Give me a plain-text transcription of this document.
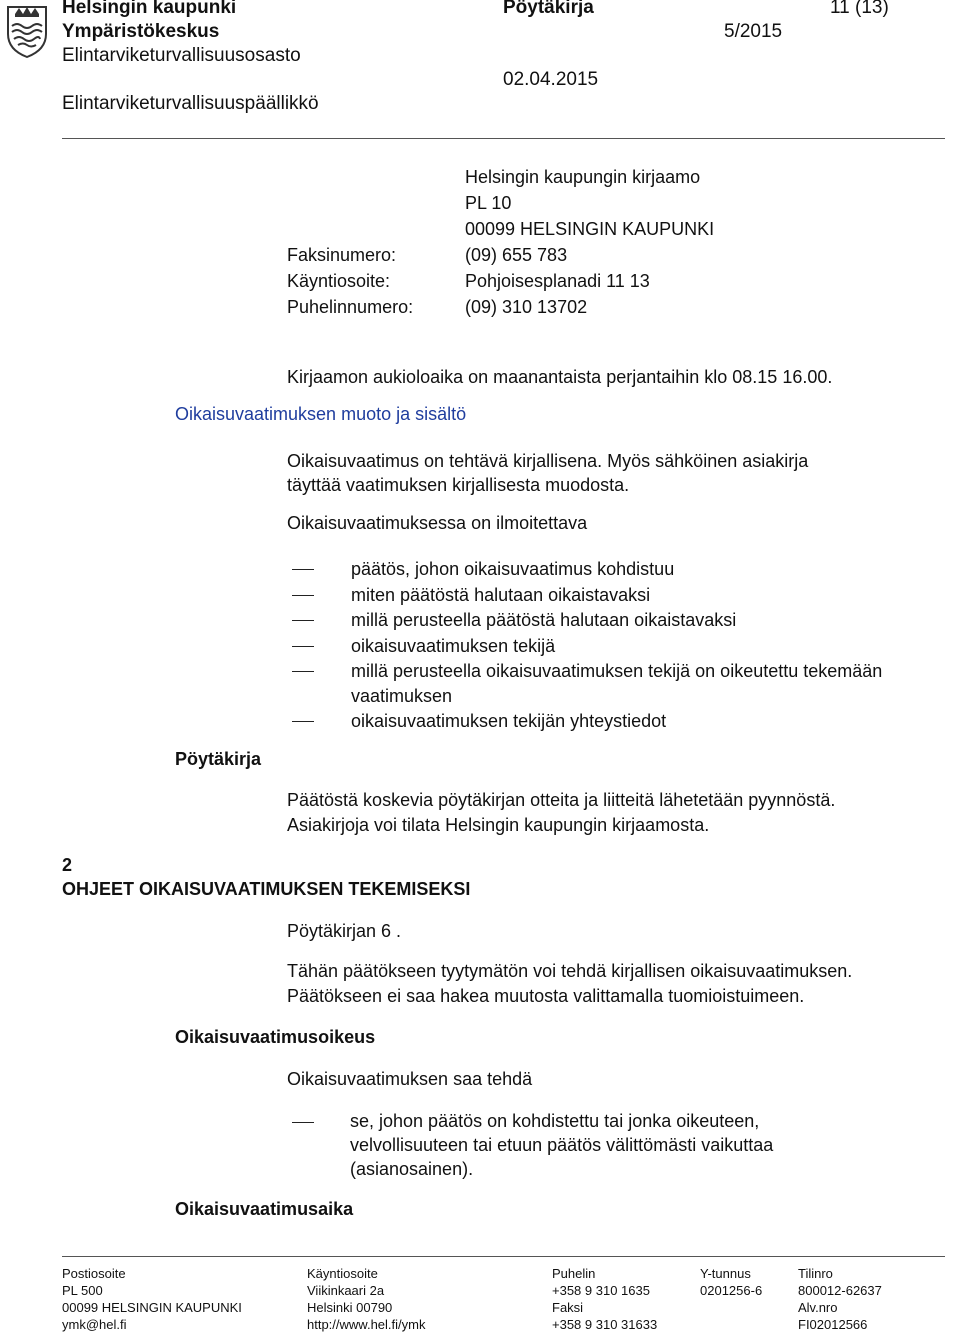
Helsingin kaupunki
Ympäristökeskus
Elintarviketurvallisuusosasto
Elintarviketurvallisuuspäällikkö
Pöytäkirja
5/2015
02.04.2015
11 (13)
Helsingin kaupungin kirjaamo
PL 10
00099 HELSINGIN KAUPUNKI
Faksinumero:	(09) 655 783
Käyntiosoite:	Pohjoisesplanadi 11 13
Puhelinnumero:	(09) 310 13702
Kirjaamon aukioloaika on maanantaista perjantaihin klo 08.15 16.00.
Oikaisuvaatimuksen muoto ja sisältö
Oikaisuvaatimus on tehtävä kirjallisena. Myös sähköinen asiakirja
täyttää vaatimuksen kirjallisesta muodosta.
Oikaisuvaatimuksessa on ilmoitettava
päätös, johon oikaisuvaatimus kohdistuu
miten päätöstä halutaan oikaistavaksi
millä perusteella päätöstä halutaan oikaistavaksi
oikaisuvaatimuksen tekijä
millä perusteella oikaisuvaatimuksen tekijä on oikeutettu tekemään vaatimuksen
oikaisuvaatimuksen tekijän yhteystiedot
Pöytäkirja
Päätöstä koskevia pöytäkirjan otteita ja liitteitä lähetetään pyynnöstä.
Asiakirjoja voi tilata Helsingin kaupungin kirjaamosta.
2
OHJEET OIKAISUVAATIMUKSEN TEKEMISEKSI
Pöytäkirjan 6 .
Tähän päätökseen tyytymätön voi tehdä kirjallisen oikaisuvaatimuksen.
Päätökseen ei saa hakea muutosta valittamalla tuomioistuimeen.
Oikaisuvaatimusoikeus
Oikaisuvaatimuksen saa tehdä
se, johon päätös on kohdistettu tai jonka oikeuteen,
velvollisuuteen tai etuun päätös välittömästi vaikuttaa
(asianosainen).
Oikaisuvaatimusaika
Postiosoite
PL 500
00099 HELSINGIN KAUPUNKI
ymk@hel.fi
Käyntiosoite
Viikinkaari 2a
Helsinki 00790
http://www.hel.fi/ymk
Puhelin
+358 9 310 1635
Faksi
+358 9 310 31633
Y-tunnus
0201256-6
Tilinro
800012-62637
Alv.nro
FI02012566
